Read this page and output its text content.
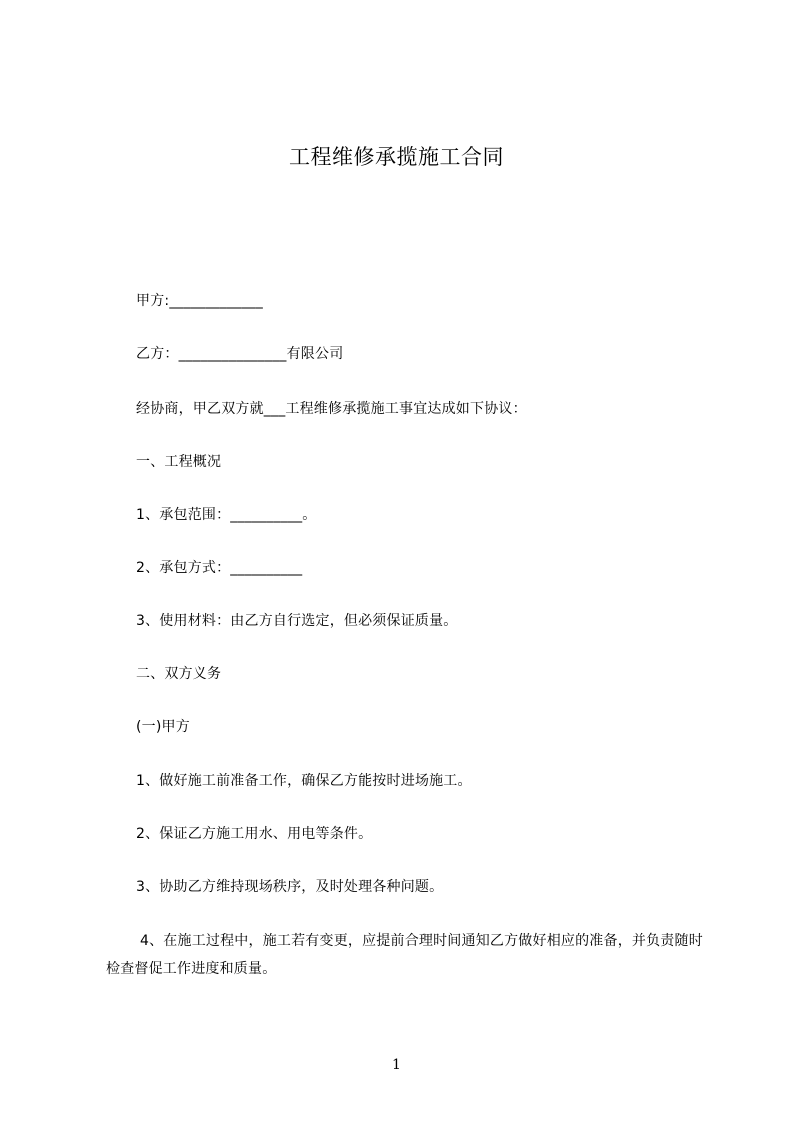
工程维修承揽施工合同
甲方:_____________
乙方：_______________有限公司
经协商，甲乙双方就___工程维修承揽施工事宜达成如下协议：
一、工程概况
1、承包范围：__________。
2、承包方式：__________
3、使用材料：由乙方自行选定，但必须保证质量。
二、双方义务
(一)甲方
1、做好施工前准备工作，确保乙方能按时进场施工。
2、保证乙方施工用水、用电等条件。
3、协助乙方维持现场秩序，及时处理各种问题。
4、在施工过程中，施工若有变更，应提前合理时间通知乙方做好相应的准备，并负责随时检查督促工作进度和质量。
1
